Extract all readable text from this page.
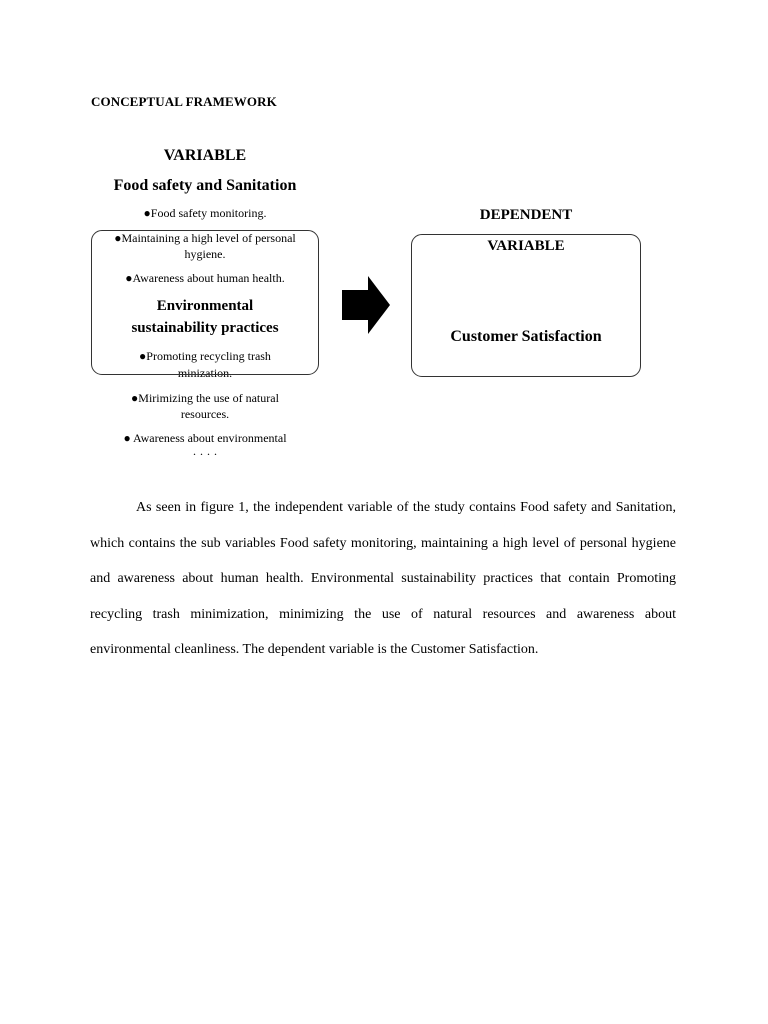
CONCEPTUAL FRAMEWORK
VARIABLE
Food safety and Sanitation
●Food safety monitoring.
●Maintaining a high level of personal
hygiene.
●Awareness about human health.
Environmental
sustainability practices
●Promoting recycling trash
minization.
●Mirimizing the use of natural
resources.
● Awareness about environmental
· · · ·
DEPENDENT
VARIABLE
Customer Satisfaction

As seen in figure 1, the independent variable of the study contains Food safety and Sanitation, which contains the sub variables Food safety monitoring, maintaining a high level of personal hygiene and awareness about human health. Environmental sustainability practices that contain Promoting recycling trash minimization, minimizing the use of natural resources and awareness about environmental cleanliness. The dependent variable is the Customer Satisfaction.
